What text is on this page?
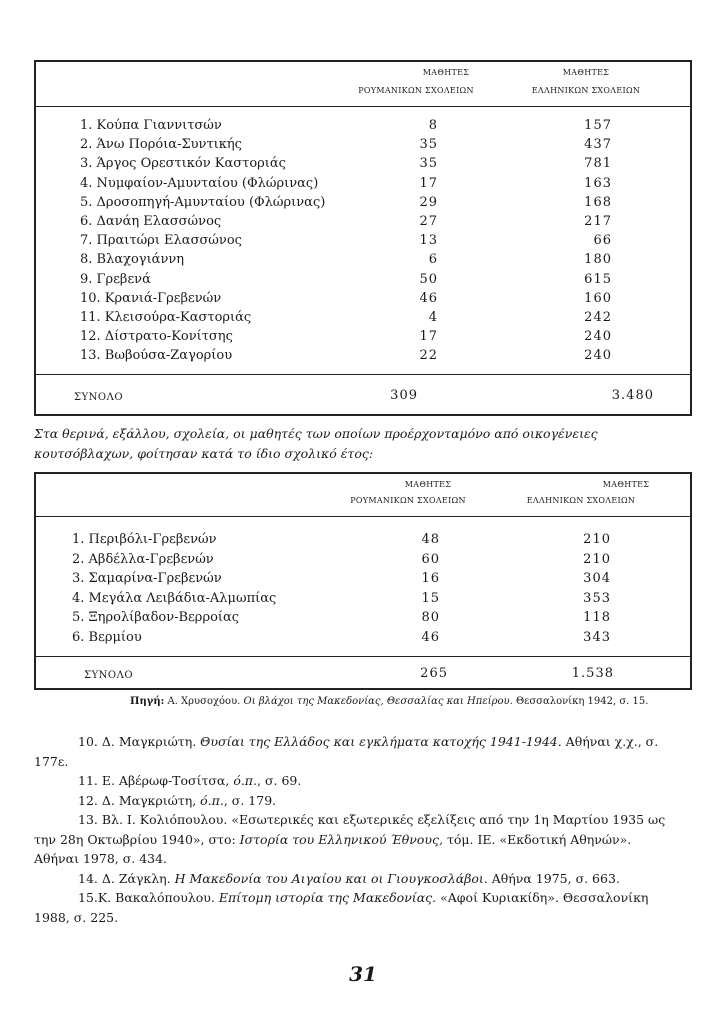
ΜΑΘΗΤΕΣ
ΡΟΥΜΑΝΙΚΩΝ ΣΧΟΛΕΙΩΝ
ΜΑΘΗΤΕΣ
ΕΛΛΗΝΙΚΩΝ ΣΧΟΛΕΙΩΝ
1. Κούπα Γιαννιτσών	8	157
2. Άνω Πορόια-Συντικής	35	437
3. Άργος Ορεστικόν Καστοριάς	35	781
4. Νυμφαίον-Αμυνταίου (Φλώρινας)	17	163
5. Δροσοπηγή-Αμυνταίου (Φλώρινας)	29	168
6. Δανάη Ελασσώνος	27	217
7. Πραιτώρι Ελασσώνος	13	66
8. Βλαχογιάννη	6	180
9. Γρεβενά	50	615
10. Κρανιά-Γρεβενών	46	160
11. Κλεισούρα-Καστοριάς	4	242
12. Δίστρατο-Κονίτσης	17	240
13. Βωβούσα-Ζαγορίου	22	240
ΣΥΝΟΛΟ	309	3.480
Στα θερινά, εξάλλου, σχολεία, οι μαθητές των οποίων προέρχονταμόνο από οικογένειες κουτσόβλαχων, φοίτησαν κατά το ίδιο σχολικό έτος:
ΜΑΘΗΤΕΣ
ΡΟΥΜΑΝΙΚΩΝ ΣΧΟΛΕΙΩΝ
ΜΑΘΗΤΕΣ
ΕΛΛΗΝΙΚΩΝ ΣΧΟΛΕΙΩΝ
1. Περιβόλι-Γρεβενών	48	210
2. Αβδέλλα-Γρεβενών	60	210
3. Σαμαρίνα-Γρεβενών	16	304
4. Μεγάλα Λειβάδια-Αλμωπίας	15	353
5. Ξηρολίβαδον-Βερροίας	80	118
6. Βερμίου	46	343
ΣΥΝΟΛΟ	265	1.538
Πηγή: Α. Χρυσοχόου. Οι βλάχοι της Μακεδονίας, Θεσσαλίας και Ηπείρου. Θεσσαλονίκη 1942, σ. 15.

10. Δ. Μαγκριώτη. Θυσίαι της Ελλάδος και εγκλήματα κατοχής 1941-1944. Αθήναι χ.χ., σ. 177ε.

11. Ε. Αβέρωφ-Τοσίτσα, ό.π., σ. 69.

12. Δ. Μαγκριώτη, ό.π., σ. 179.

13. Βλ. Ι. Κολιόπουλου. «Εσωτερικές και εξωτερικές εξελίξεις από την 1η Μαρτίου 1935 ως την 28η Οκτωβρίου 1940», στο: Ιστορία του Ελληνικού Έθνους, τόμ. ΙΕ. «Εκδοτική Αθηνών». Αθήναι 1978, σ. 434.

14. Δ. Ζάγκλη. Η Μακεδονία του Αιγαίου και οι Γιουγκοσλάβοι. Αθήνα 1975, σ. 663.

15.Κ. Βακαλόπουλου. Επίτομη ιστορία της Μακεδονίας. «Αφοί Κυριακίδη». Θεσσαλονίκη 1988, σ. 225.

31
